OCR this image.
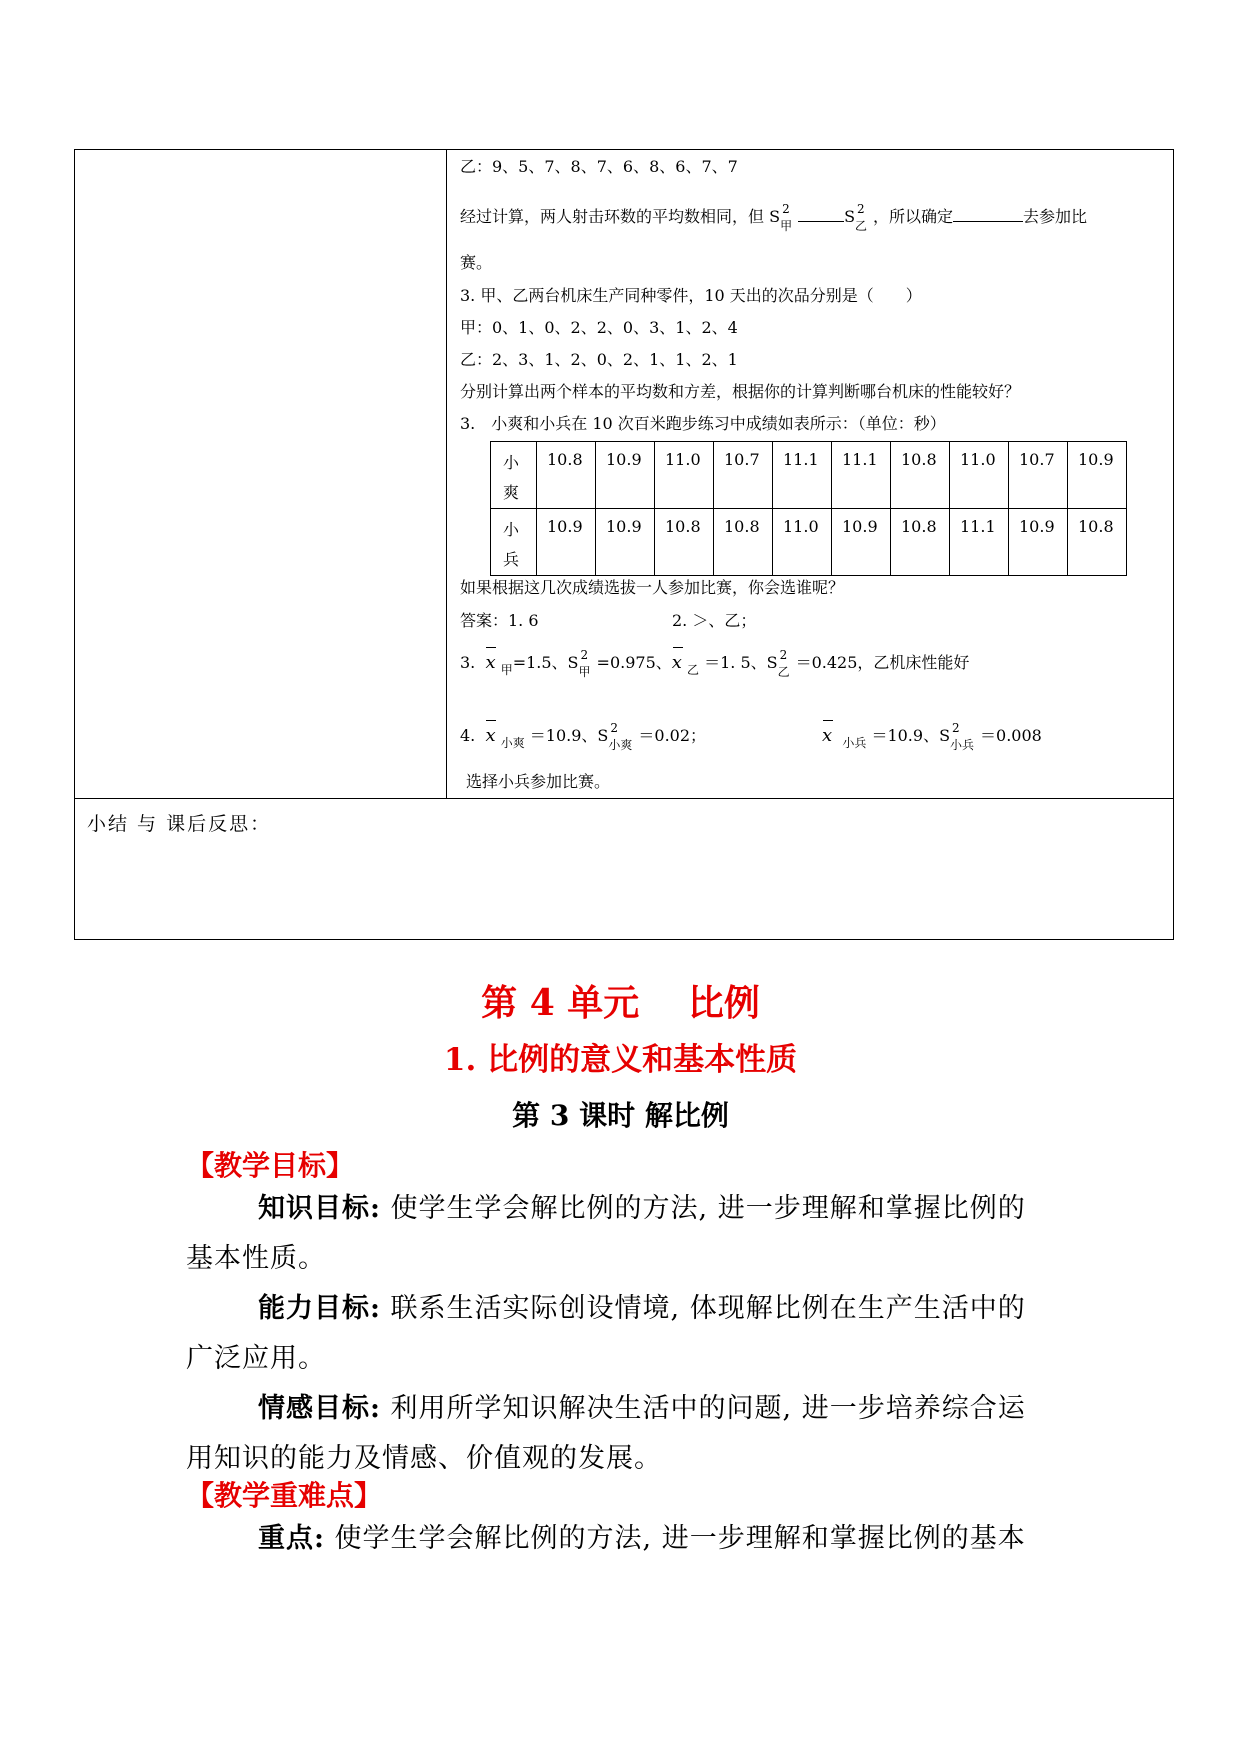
小结 与 课后反思：
乙：9、5、7、8、7、6、8、6、7、7
经过计算，两人射击环数的平均数相同，但 S 2
甲	S 2
乙 ，所以确定	去参加比
赛。
3. 甲、乙两台机床生产同种零件，10 天出的次品分别是（　　）
甲：0、1、0、2、2、0、3、1、2、4
乙：2、3、1、2、0、2、1、1、2、1
分别计算出两个样本的平均数和方差，根据你的计算判断哪台机床的性能较好？
3.　小爽和小兵在 10 次百米跑步练习中成绩如表所示：（单位：秒）
小
爽	10.8	10.9	11.0	10.7	11.1	11.1	10.8	11.0	10.7	10.9

小
兵	10.9	10.9	10.8	10.8	11.0	10.9	10.8	11.1	10.9	10.8
如果根据这几次成绩选拔一人参加比赛，你会选谁呢？
答案：1. 6	2. ＞、乙；
3. x $_甲$=1.5、S 2
甲 =0.975、x $_乙$ ＝1. 5、S 2
乙 ＝0.425，乙机床性能好
4. x $_{小爽}$ ＝10.9、S 2
小爽 ＝0.02；	x $_{小兵}$ ＝10.9、S 2
小兵 ＝0.008
选择小兵参加比赛。
第 4 单元　 比例
1. 比例的意义和基本性质
第 3 课时 解比例
【教学目标】
知识目标: 使学生学会解比例的方法, 进一步理解和掌握比例的基本性质。
能力目标: 联系生活实际创设情境, 体现解比例在生产生活中的广泛应用。
情感目标: 利用所学知识解决生活中的问题, 进一步培养综合运用知识的能力及情感、价值观的发展。
【教学重难点】
重点: 使学生学会解比例的方法, 进一步理解和掌握比例的基本
